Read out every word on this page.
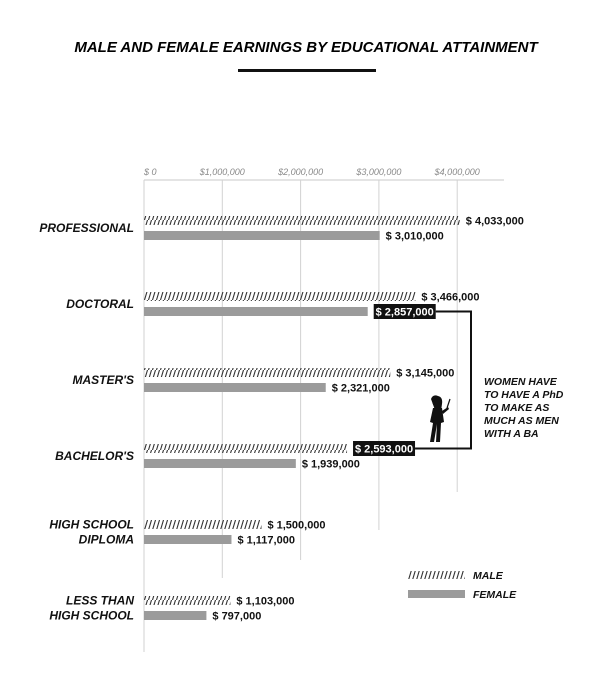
MALE AND FEMALE EARNINGS BY EDUCATIONAL ATTAINMENT
$ 0	$1,000,000	$2,000,000	$3,000,000	$4,000,000
PROFESSIONAL
DOCTORAL
MASTER'S
BACHELOR'S
HIGH SCHOOL DIPLOMA
LESS THAN HIGH SCHOOL
$ 4,033,000
$ 3,010,000
$ 3,466,000
$ 2,857,000
$ 3,145,000
$ 2,321,000
$ 2,593,000
$ 1,939,000
$ 1,500,000
$ 1,117,000
$ 1,103,000
$ 797,000
WOMEN HAVE TO HAVE A PhD TO MAKE AS MUCH AS MEN WITH A BA
MALE
FEMALE
